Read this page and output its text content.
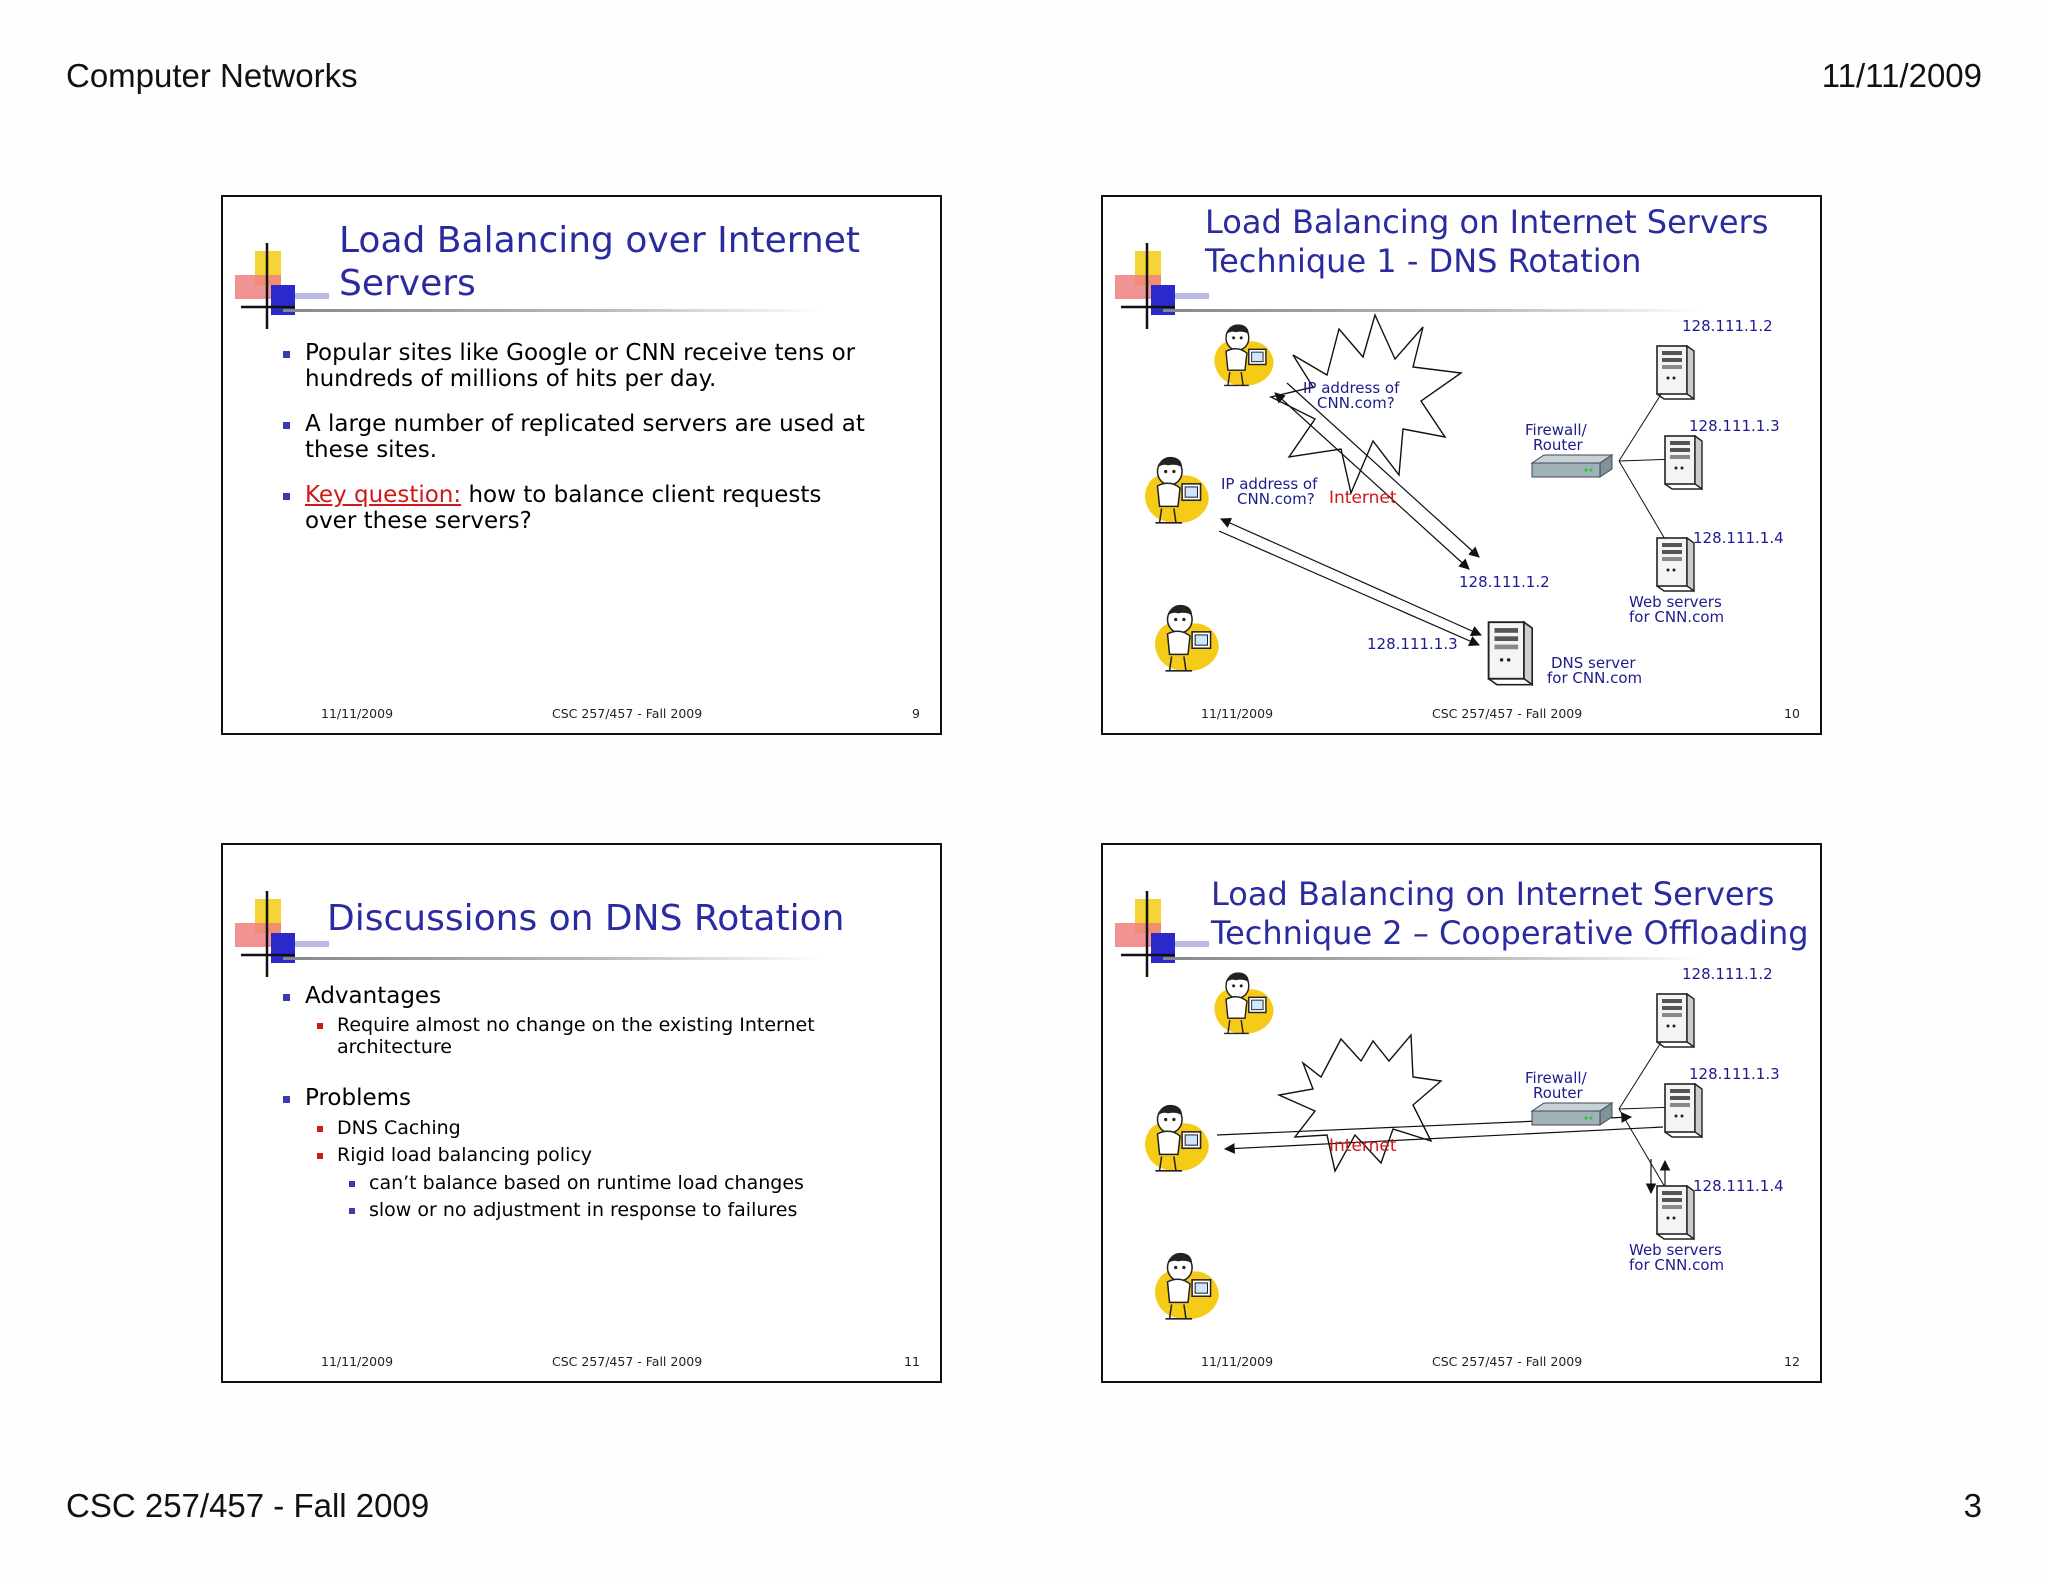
Computer Networks	11/11/2009
CSC 257/457 - Fall 2009	3
Load Balancing over Internet
Servers
Popular sites like Google or CNN receive tens or hundreds of millions of hits per day.
A large number of replicated servers are used at these sites.
Key question: how to balance client requests over these servers?
11/11/2009	CSC 257/457 - Fall 2009	9
Load Balancing on Internet Servers
Technique 1 - DNS Rotation
128.111.1.2
128.111.1.3
128.111.1.4
IP address of
CNN.com?
IP address of
CNN.com? Internet
Firewall/
Router
Web servers
for CNN.com
DNS server
for CNN.com
128.111.1.2
128.111.1.3
11/11/2009	CSC 257/457 - Fall 2009	10
Discussions on DNS Rotation
Advantages
Require almost no change on the existing Internet architecture
Problems
DNS Caching
Rigid load balancing policy
can’t balance based on runtime load changes
slow or no adjustment in response to failures
11/11/2009	CSC 257/457 - Fall 2009	11
Load Balancing on Internet Servers
Technique 2 – Cooperative Offloading
128.111.1.2
128.111.1.3
128.111.1.4
Internet
Firewall/
Router
Web servers
for CNN.com
11/11/2009	CSC 257/457 - Fall 2009	12
